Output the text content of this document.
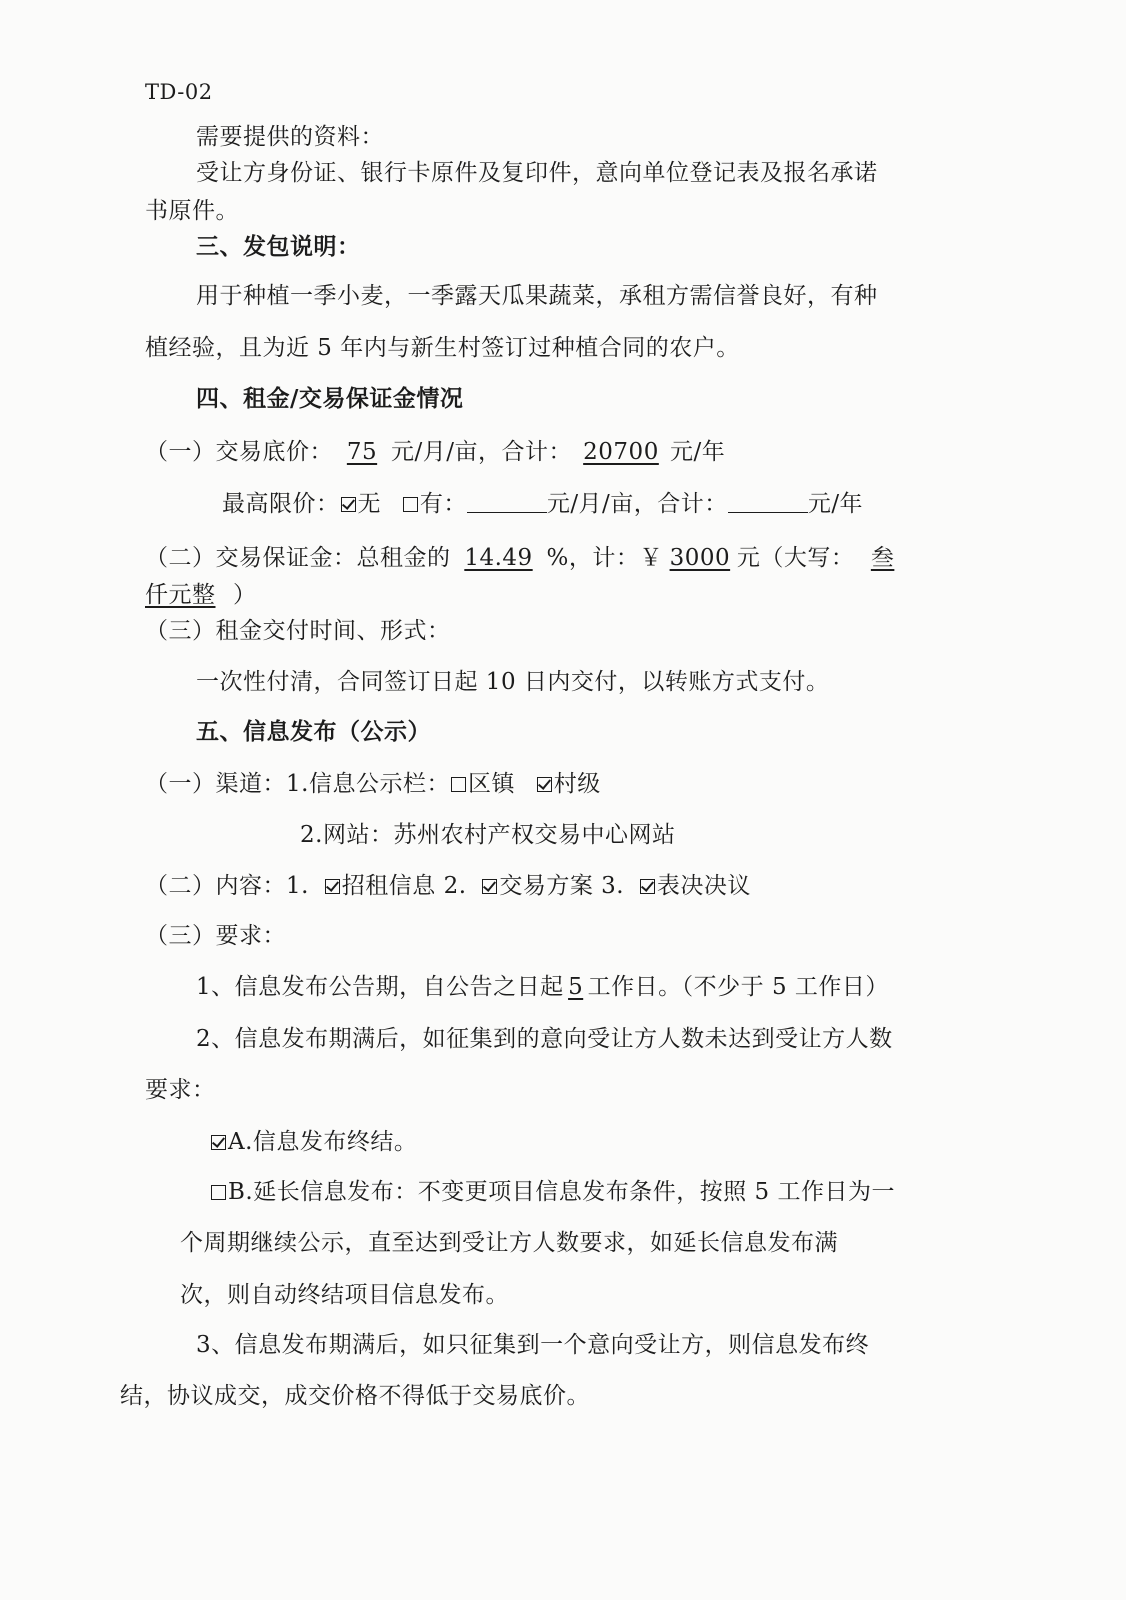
TD-02
需要提供的资料：
受让方身份证、银行卡原件及复印件，意向单位登记表及报名承诺
书原件。
三、发包说明：
用于种植一季小麦，一季露天瓜果蔬菜，承租方需信誉良好，有种
植经验，且为近 5 年内与新生村签订过种植合同的农户。
四、租金/交易保证金情况
（一）交易底价： 75 元/月/亩，合计： 20700 元/年
最高限价： 无 有：	元/月/亩，合计：	元/年
（二）交易保证金：总租金的 14.49 %，计：￥ 3000 元（大写： 叁
仟元整 ）
（三）租金交付时间、形式：
一次性付清，合同签订日起 10 日内交付，以转账方式支付。
五、信息发布（公示）
（一）渠道：1.信息公示栏： 区镇 村级
2.网站：苏州农村产权交易中心网站
（二）内容：1. 招租信息 2. 交易方案 3. 表决决议
（三）要求：
1、信息发布公告期，自公告之日起 5 工作日。（不少于 5 工作日）
2、信息发布期满后，如征集到的意向受让方人数未达到受让方人数
要求：
A.信息发布终结。
B.延长信息发布：不变更项目信息发布条件，按照 5 工作日为一
个周期继续公示，直至达到受让方人数要求，如延长信息发布满
次，则自动终结项目信息发布。
3、信息发布期满后，如只征集到一个意向受让方，则信息发布终
结，协议成交，成交价格不得低于交易底价。
